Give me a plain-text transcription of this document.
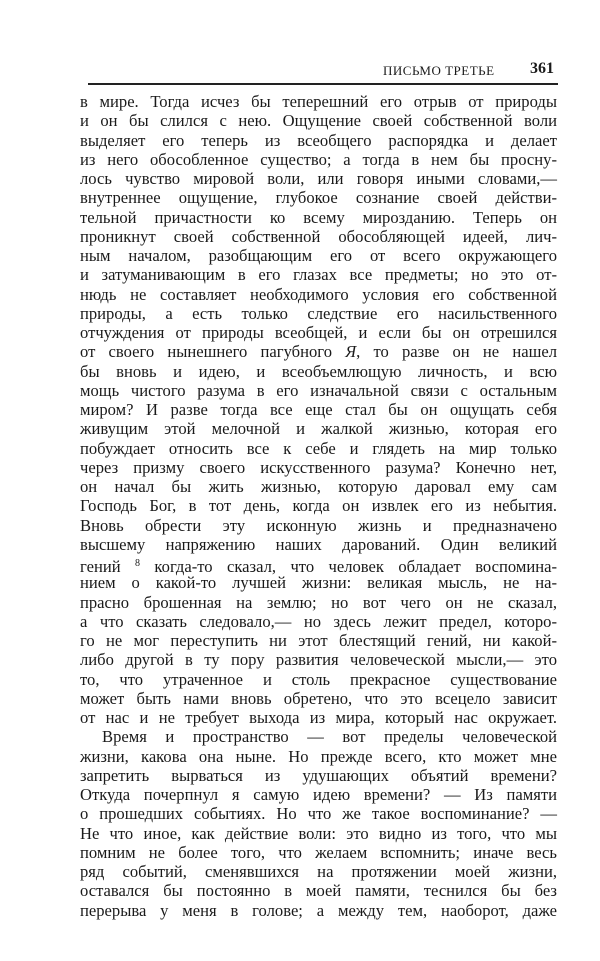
ПИСЬМО ТРЕТЬЕ 361
в мире. Тогда исчез бы теперешний его отрыв от природы
и он бы слился с нею. Ощущение своей собственной воли
выделяет его теперь из всеобщего распорядка и делает
из него обособленное существо; а тогда в нем бы просну-
лось чувство мировой воли, или говоря иными словами,—
внутреннее ощущение, глубокое сознание своей действи-
тельной причастности ко всему мирозданию. Теперь он
проникнут своей собственной обособляющей идеей, лич-
ным началом, разобщающим его от всего окружающего
и затуманивающим в его глазах все предметы; но это от-
нюдь не составляет необходимого условия его собственной
природы, а есть только следствие его насильственного
отчуждения от природы всеобщей, и если бы он отрешился
от своего нынешнего пагубного Я, то разве он не нашел
бы вновь и идею, и всеобъемлющую личность, и всю
мощь чистого разума в его изначальной связи с остальным
миром? И разве тогда все еще стал бы он ощущать себя
живущим этой мелочной и жалкой жизнью, которая его
побуждает относить все к себе и глядеть на мир только
через призму своего искусственного разума? Конечно нет,
он начал бы жить жизнью, которую даровал ему сам
Господь Бог, в тот день, когда он извлек его из небытия.
Вновь обрести эту исконную жизнь и предназначено
высшему напряжению наших дарований. Один великий
гений $^8$ когда-то сказал, что человек обладает воспомина-
нием о какой-то лучшей жизни: великая мысль, не на-
прасно брошенная на землю; но вот чего он не сказал,
а что сказать следовало,— но здесь лежит предел, которо-
го не мог переступить ни этот блестящий гений, ни какой-
либо другой в ту пору развития человеческой мысли,— это
то, что утраченное и столь прекрасное существование
может быть нами вновь обретено, что это всецело зависит
от нас и не требует выхода из мира, который нас окружает.
Время и пространство — вот пределы человеческой
жизни, какова она ныне. Но прежде всего, кто может мне
запретить вырваться из удушающих объятий времени?
Откуда почерпнул я самую идею времени? — Из памяти
о прошедших событиях. Но что же такое воспоминание? —
Не что иное, как действие воли: это видно из того, что мы
помним не более того, что желаем вспомнить; иначе весь
ряд событий, сменявшихся на протяжении моей жизни,
оставался бы постоянно в моей памяти, теснился бы без
перерыва у меня в голове; а между тем, наоборот, даже
